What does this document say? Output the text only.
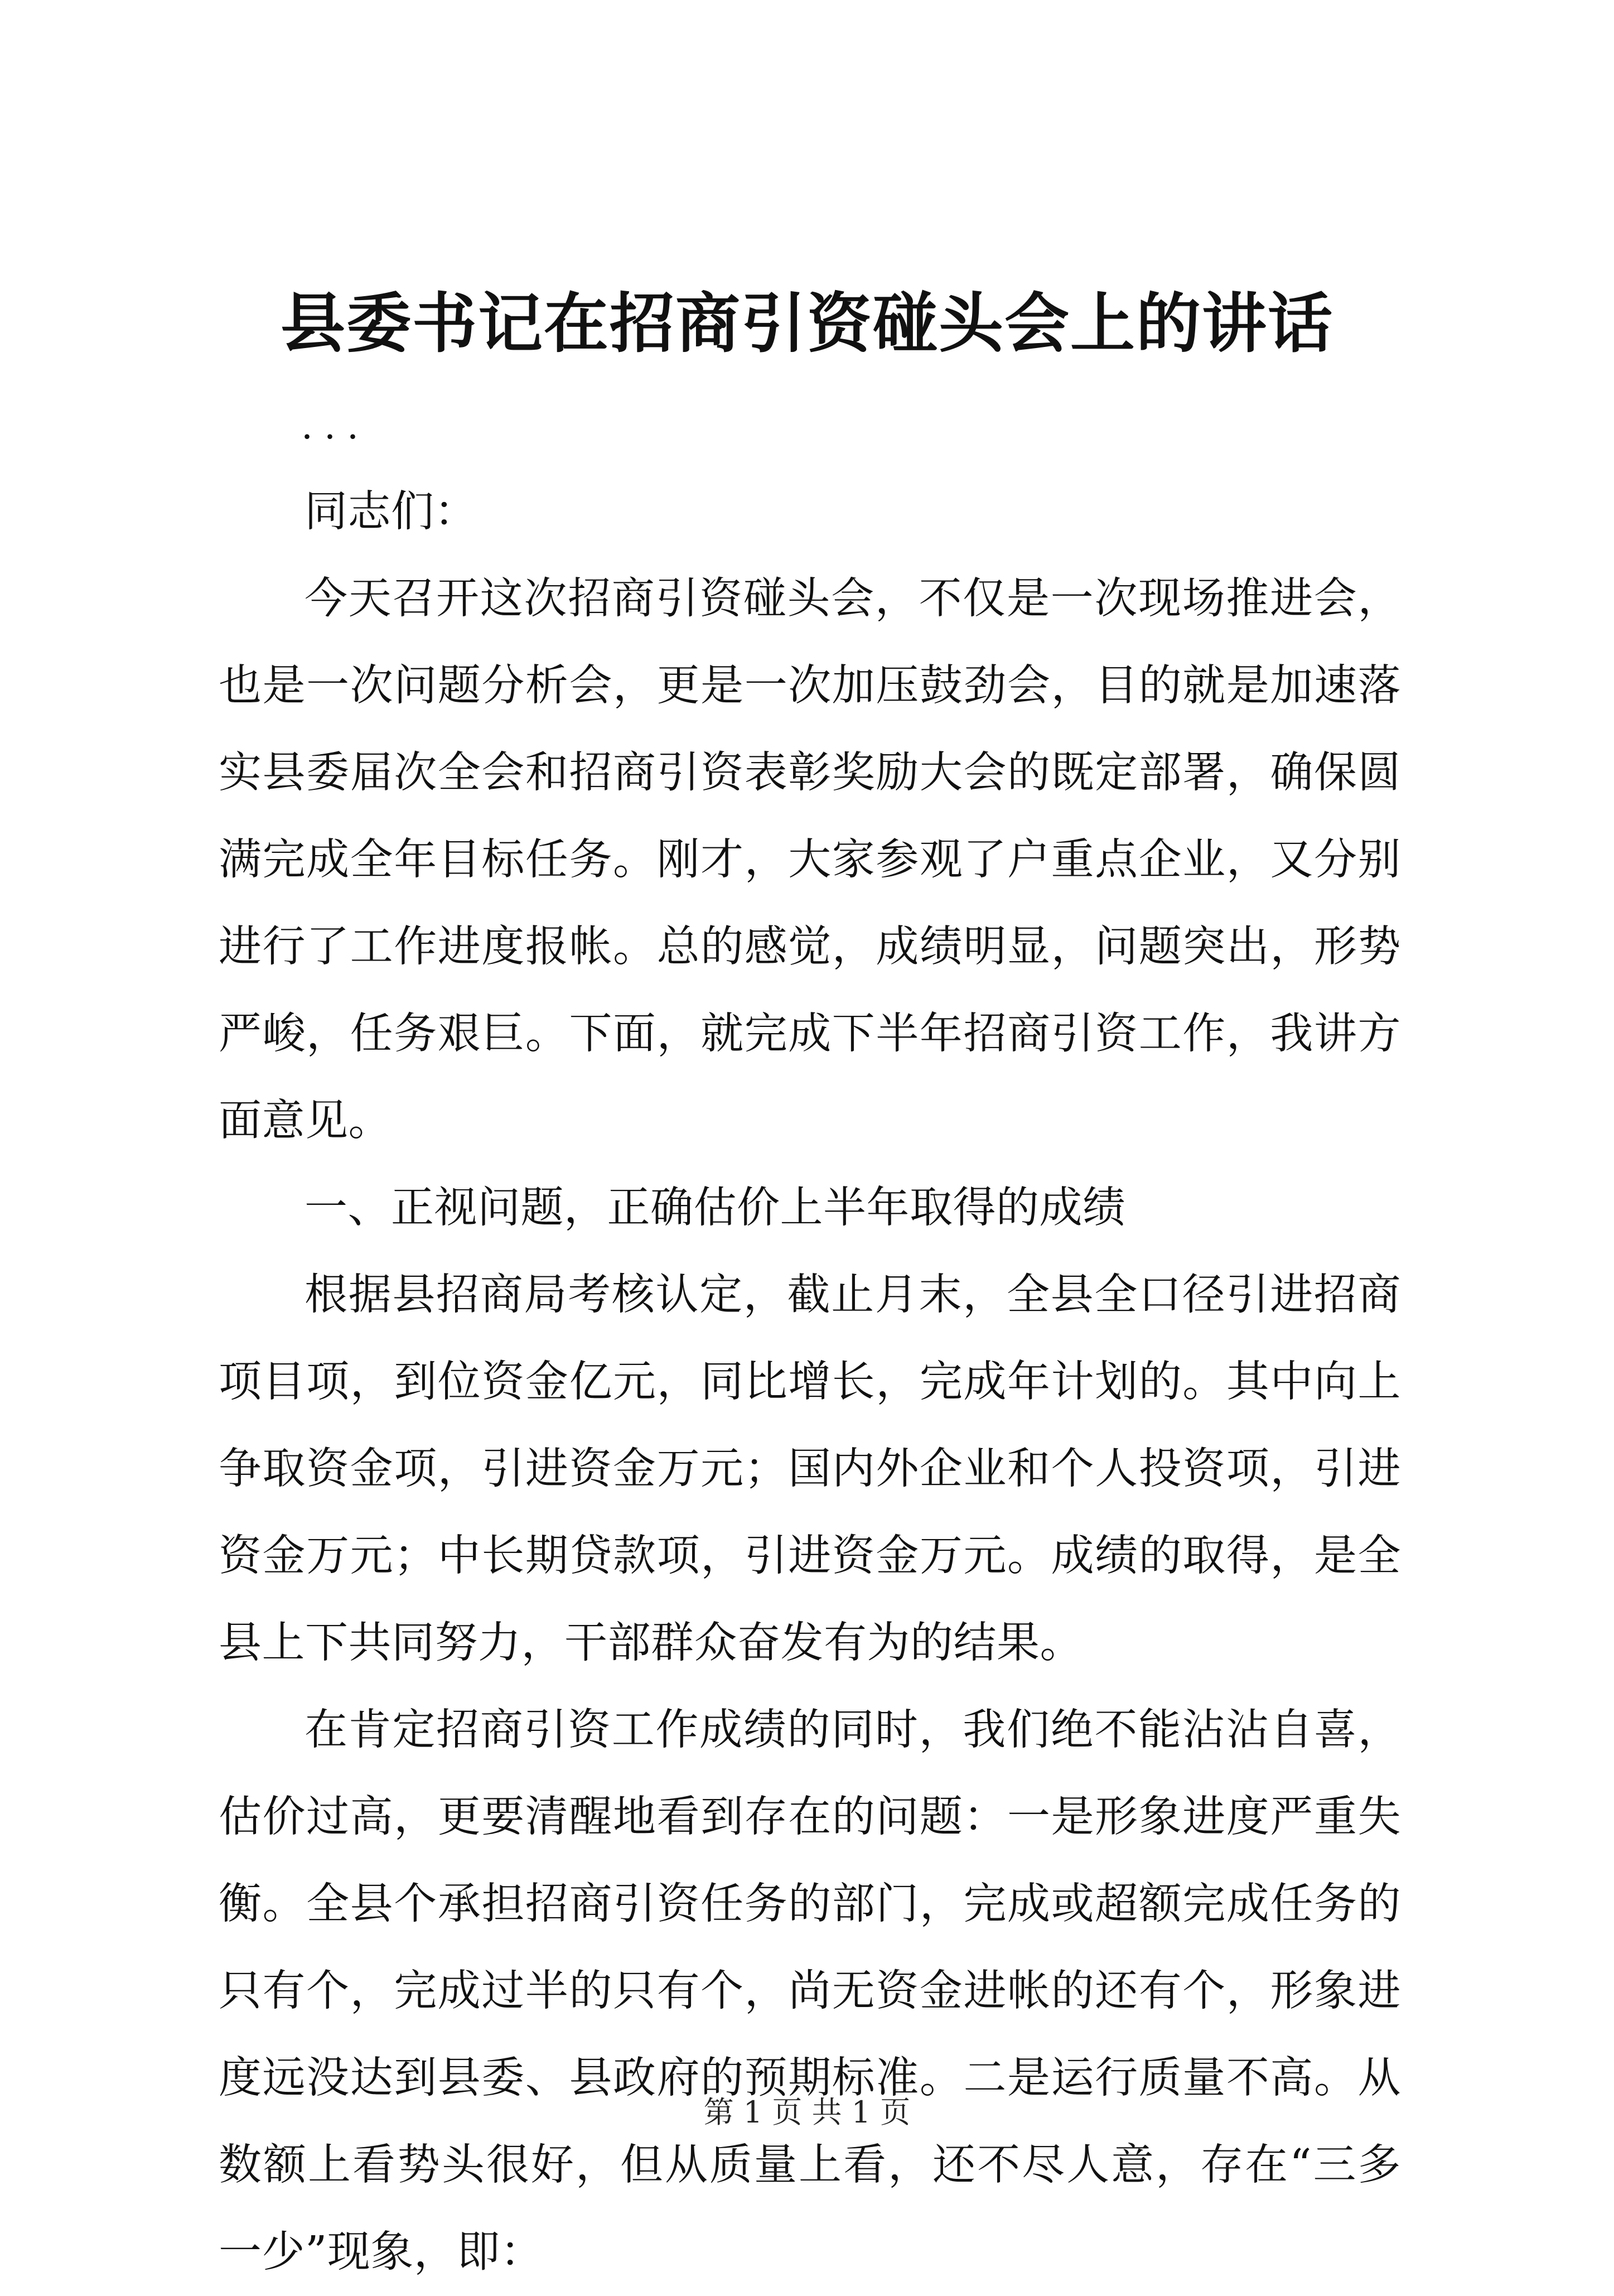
县委书记在招商引资碰头会上的讲话
...

同志们：

今天召开这次招商引资碰头会，不仅是一次现场推进会，也是一次问题分析会，更是一次加压鼓劲会，目的就是加速落实县委届次全会和招商引资表彰奖励大会的既定部署，确保圆满完成全年目标任务。刚才，大家参观了户重点企业，又分别进行了工作进度报帐。总的感觉，成绩明显，问题突出，形势严峻，任务艰巨。下面，就完成下半年招商引资工作，我讲方面意见。

一、正视问题，正确估价上半年取得的成绩

根据县招商局考核认定，截止月末，全县全口径引进招商项目项，到位资金亿元，同比增长，完成年计划的。其中向上争取资金项，引进资金万元；国内外企业和个人投资项，引进资金万元；中长期贷款项，引进资金万元。成绩的取得，是全县上下共同努力，干部群众奋发有为的结果。

在肯定招商引资工作成绩的同时，我们绝不能沾沾自喜，估价过高，更要清醒地看到存在的问题：一是形象进度严重失衡。全县个承担招商引资任务的部门，完成或超额完成任务的只有个，完成过半的只有个，尚无资金进帐的还有个，形象进度远没达到县委、县政府的预期标准。二是运行质量不高。从数额上看势头很好，但从质量上看，还不尽人意，存在“三多一少”现象，即：

第 1 页 共 1 页
